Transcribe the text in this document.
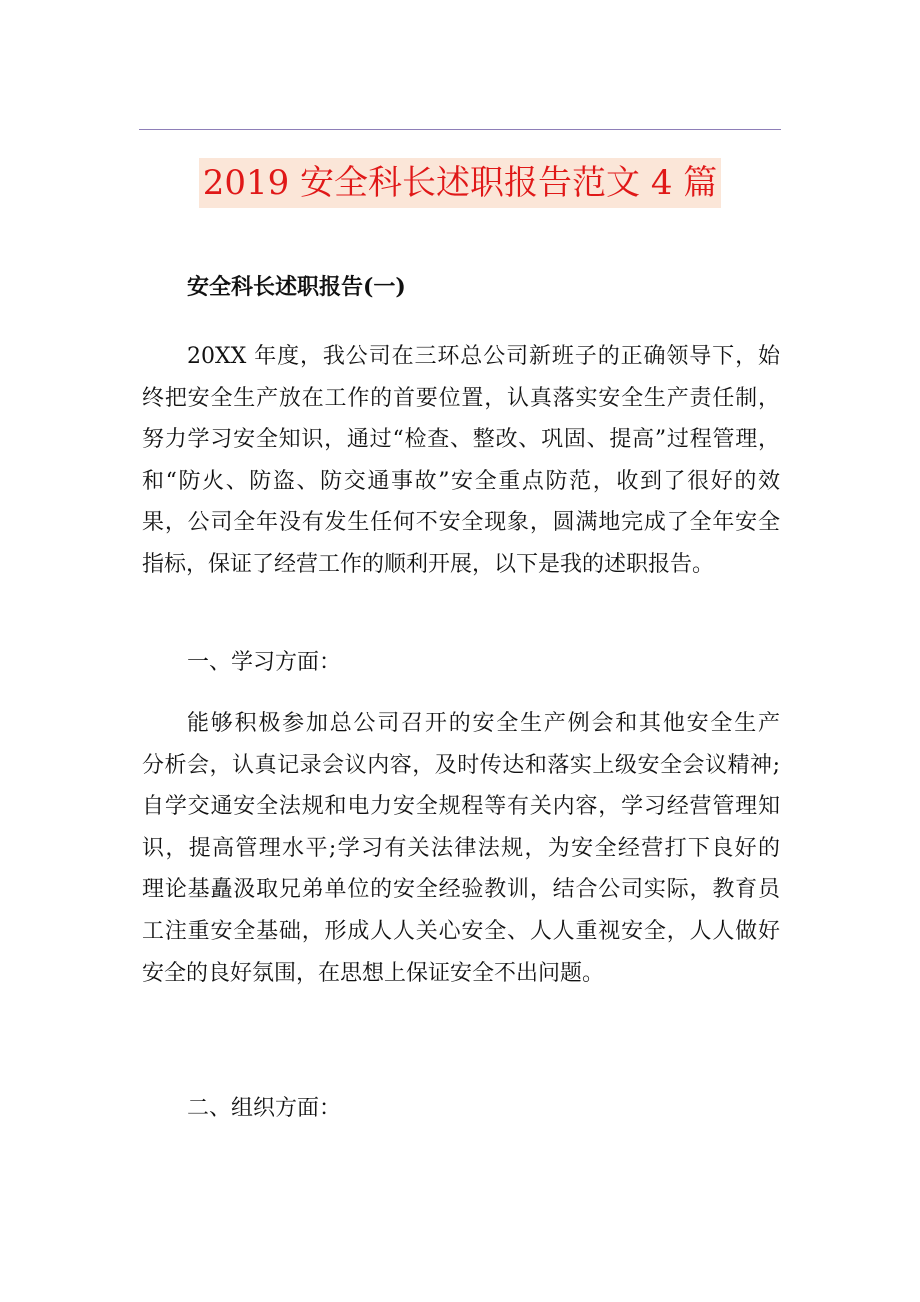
2019 安全科长述职报告范文 4 篇
安全科长述职报告(一)
20XX 年度，我公司在三环总公司新班子的正确领导下，始
终把安全生产放在工作的首要位置，认真落实安全生产责任制，
努力学习安全知识，通过“检查、整改、巩固、提高”过程管理，
和“防火、防盗、防交通事故”安全重点防范，收到了很好的效
果，公司全年没有发生任何不安全现象，圆满地完成了全年安全
指标，保证了经营工作的顺利开展，以下是我的述职报告。
一、学习方面：
能够积极参加总公司召开的安全生产例会和其他安全生产
分析会，认真记录会议内容，及时传达和落实上级安全会议精神;
自学交通安全法规和电力安全规程等有关内容，学习经营管理知
识，提高管理水平;学习有关法律法规，为安全经营打下良好的
理论基矗汲取兄弟单位的安全经验教训，结合公司实际，教育员
工注重安全基础，形成人人关心安全、人人重视安全，人人做好
安全的良好氛围，在思想上保证安全不出问题。
二、组织方面：
